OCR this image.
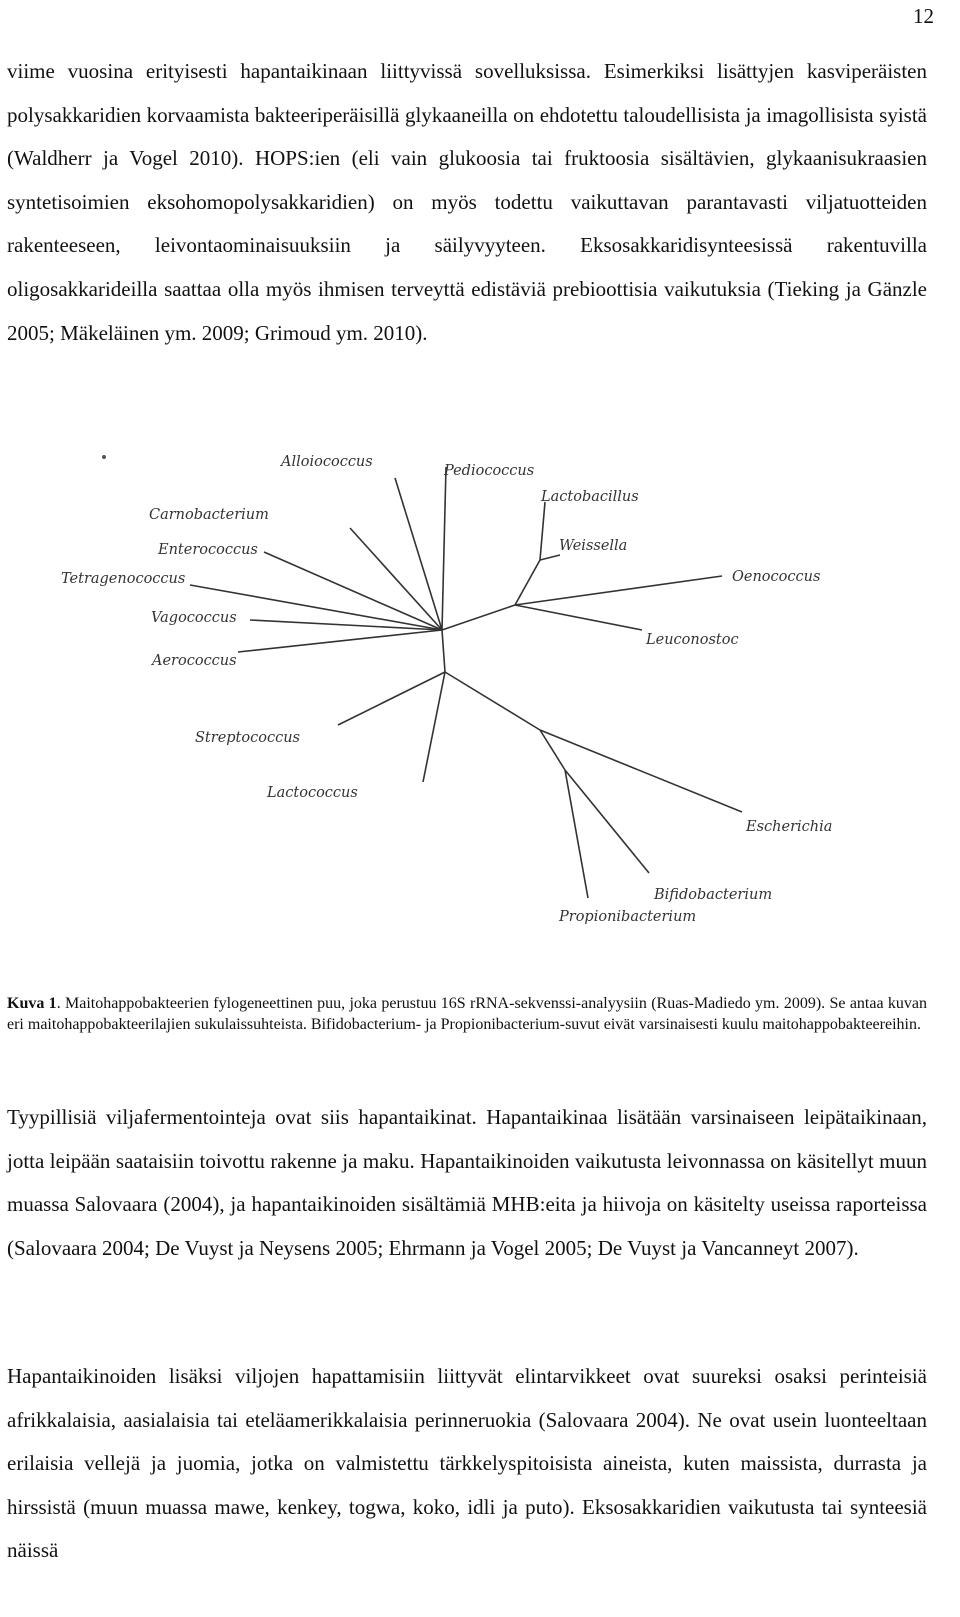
12

viime vuosina erityisesti hapantaikinaan liittyvissä sovelluksissa. Esimerkiksi lisättyjen kasviperäisten polysakkaridien korvaamista bakteeriperäisillä glykaaneilla on ehdotettu taloudellisista ja imagollisista syistä (Waldherr ja Vogel 2010). HOPS:ien (eli vain glukoosia tai fruktoosia sisältävien, glykaanisukraasien syntetisoimien eksohomopolysakkaridien) on myös todettu vaikuttavan parantavasti viljatuotteiden rakenteeseen, leivontaominaisuuksiin ja säilyvyyteen. Eksosakkaridisynteesissä rakentuvilla oligosakkarideilla saattaa olla myös ihmisen terveyttä edistäviä prebioottisia vaikutuksia (Tieking ja Gänzle 2005; Mäkeläinen ym. 2009; Grimoud ym. 2010).

Alloiococcus
Pediococcus
Lactobacillus
Carnobacterium
Weissella
Enterococcus
Tetragenococcus	Oenococcus
Vagococcus
Leuconostoc
Aerococcus
Streptococcus
Lactococcus
Escherichia
Bifidobacterium
Propionibacterium

Kuva 1. Maitohappobakteerien fylogeneettinen puu, joka perustuu 16S rRNA-sekvenssi-analyysiin (Ruas-Madiedo ym. 2009). Se antaa kuvan eri maitohappobakteerilajien sukulaissuhteista. Bifidobacterium- ja Propionibacterium-suvut eivät varsinaisesti kuulu maitohappobakteereihin.

Tyypillisiä viljafermentointeja ovat siis hapantaikinat. Hapantaikinaa lisätään varsinaiseen leipätaikinaan, jotta leipään saataisiin toivottu rakenne ja maku. Hapantaikinoiden vaikutusta leivonnassa on käsitellyt muun muassa Salovaara (2004), ja hapantaikinoiden sisältämiä MHB:eita ja hiivoja on käsitelty useissa raporteissa (Salovaara 2004; De Vuyst ja Neysens 2005; Ehrmann ja Vogel 2005; De Vuyst ja Vancanneyt 2007).

Hapantaikinoiden lisäksi viljojen hapattamisiin liittyvät elintarvikkeet ovat suureksi osaksi perinteisiä afrikkalaisia, aasialaisia tai eteläamerikkalaisia perinneruokia (Salovaara 2004). Ne ovat usein luonteeltaan erilaisia vellejä ja juomia, jotka on valmistettu tärkkelyspitoisista aineista, kuten maissista, durrasta ja hirssistä (muun muassa mawe, kenkey, togwa, koko, idli ja puto). Eksosakkaridien vaikutusta tai synteesiä näissä
